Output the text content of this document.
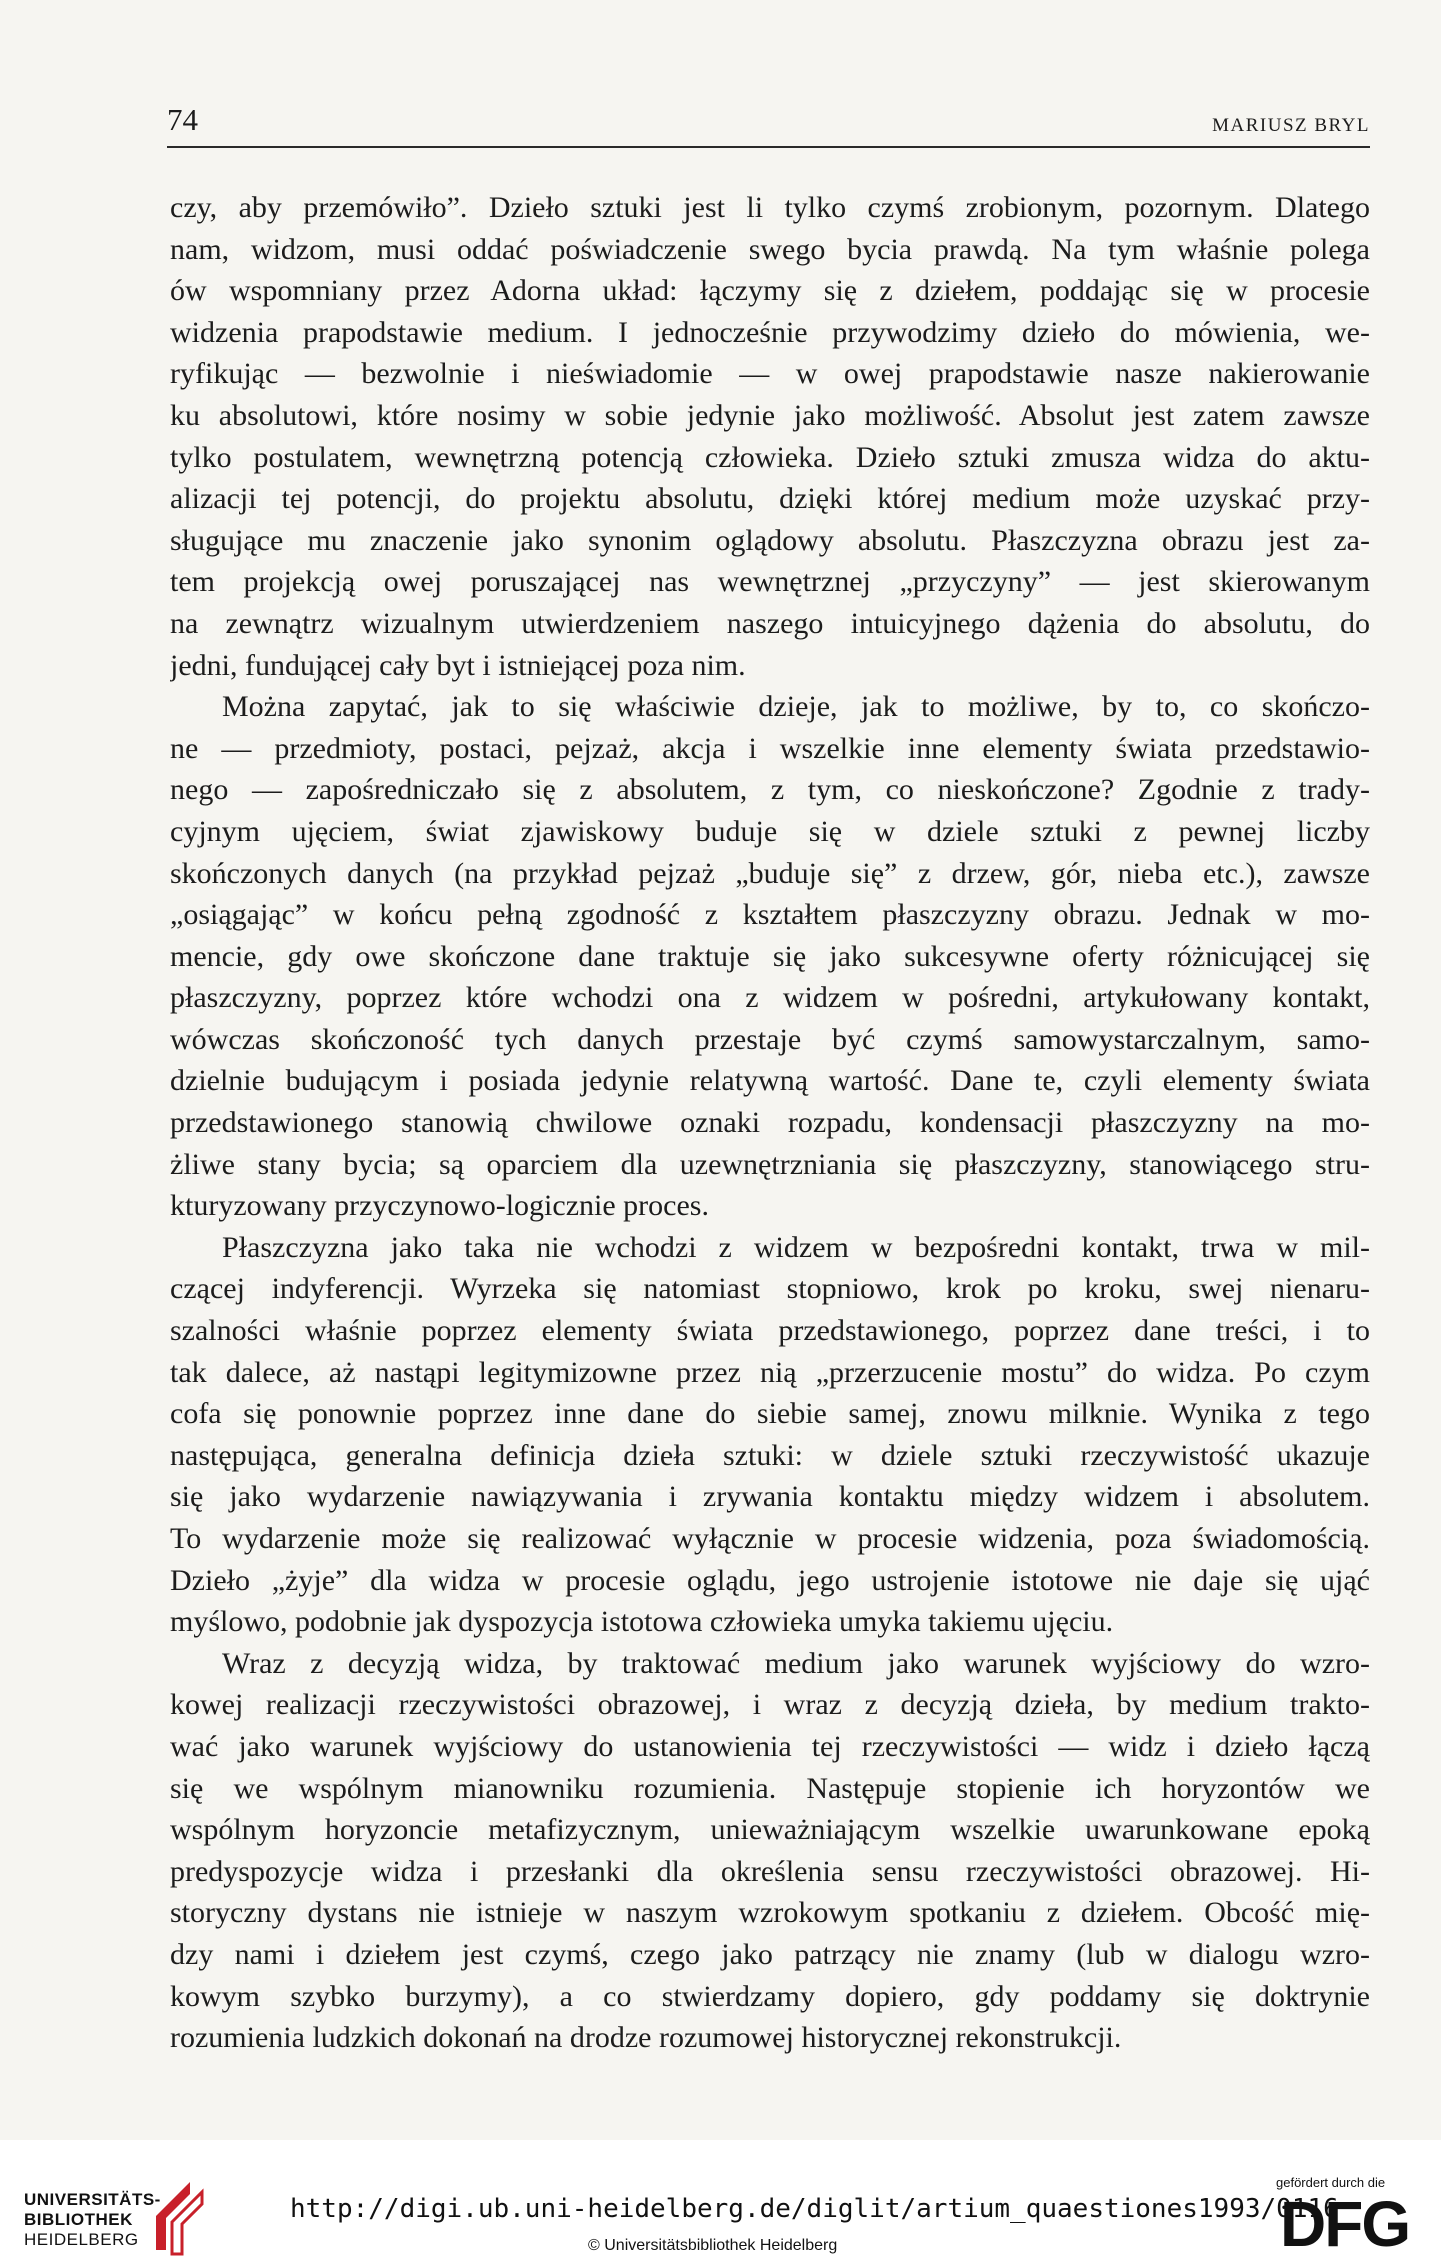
74	MARIUSZ BRYL
czy, aby przemówiło”. Dzieło sztuki jest li tylko czymś zrobionym, pozornym. Dlatego
nam, widzom, musi oddać poświadczenie swego bycia prawdą. Na tym właśnie polega
ów wspomniany przez Adorna układ: łączymy się z dziełem, poddając się w procesie
widzenia prapodstawie medium. I jednocześnie przywodzimy dzieło do mówienia, we-
ryfikując — bezwolnie i nieświadomie — w owej prapodstawie nasze nakierowanie
ku absolutowi, które nosimy w sobie jedynie jako możliwość. Absolut jest zatem zawsze
tylko postulatem, wewnętrzną potencją człowieka. Dzieło sztuki zmusza widza do aktu-
alizacji tej potencji, do projektu absolutu, dzięki której medium może uzyskać przy-
sługujące mu znaczenie jako synonim oglądowy absolutu. Płaszczyzna obrazu jest za-
tem projekcją owej poruszającej nas wewnętrznej „przyczyny” — jest skierowanym
na zewnątrz wizualnym utwierdzeniem naszego intuicyjnego dążenia do absolutu, do
jedni, fundującej cały byt i istniejącej poza nim.
Można zapytać, jak to się właściwie dzieje, jak to możliwe, by to, co skończo-
ne — przedmioty, postaci, pejzaż, akcja i wszelkie inne elementy świata przedstawio-
nego — zapośredniczało się z absolutem, z tym, co nieskończone? Zgodnie z trady-
cyjnym ujęciem, świat zjawiskowy buduje się w dziele sztuki z pewnej liczby
skończonych danych (na przykład pejzaż „buduje się” z drzew, gór, nieba etc.), zawsze
„osiągając” w końcu pełną zgodność z kształtem płaszczyzny obrazu. Jednak w mo-
mencie, gdy owe skończone dane traktuje się jako sukcesywne oferty różnicującej się
płaszczyzny, poprzez które wchodzi ona z widzem w pośredni, artykułowany kontakt,
wówczas skończoność tych danych przestaje być czymś samowystarczalnym, samo-
dzielnie budującym i posiada jedynie relatywną wartość. Dane te, czyli elementy świata
przedstawionego stanowią chwilowe oznaki rozpadu, kondensacji płaszczyzny na mo-
żliwe stany bycia; są oparciem dla uzewnętrzniania się płaszczyzny, stanowiącego stru-
kturyzowany przyczynowo-logicznie proces.
Płaszczyzna jako taka nie wchodzi z widzem w bezpośredni kontakt, trwa w mil-
czącej indyferencji. Wyrzeka się natomiast stopniowo, krok po kroku, swej nienaru-
szalności właśnie poprzez elementy świata przedstawionego, poprzez dane treści, i to
tak dalece, aż nastąpi legitymizowne przez nią „przerzucenie mostu” do widza. Po czym
cofa się ponownie poprzez inne dane do siebie samej, znowu milknie. Wynika z tego
następująca, generalna definicja dzieła sztuki: w dziele sztuki rzeczywistość ukazuje
się jako wydarzenie nawiązywania i zrywania kontaktu między widzem i absolutem.
To wydarzenie może się realizować wyłącznie w procesie widzenia, poza świadomością.
Dzieło „żyje” dla widza w procesie oglądu, jego ustrojenie istotowe nie daje się ująć
myślowo, podobnie jak dyspozycja istotowa człowieka umyka takiemu ujęciu.
Wraz z decyzją widza, by traktować medium jako warunek wyjściowy do wzro-
kowej realizacji rzeczywistości obrazowej, i wraz z decyzją dzieła, by medium trakto-
wać jako warunek wyjściowy do ustanowienia tej rzeczywistości — widz i dzieło łączą
się we wspólnym mianowniku rozumienia. Następuje stopienie ich horyzontów we
wspólnym horyzoncie metafizycznym, unieważniającym wszelkie uwarunkowane epoką
predyspozycje widza i przesłanki dla określenia sensu rzeczywistości obrazowej. Hi-
storyczny dystans nie istnieje w naszym wzrokowym spotkaniu z dziełem. Obcość mię-
dzy nami i dziełem jest czymś, czego jako patrzący nie znamy (lub w dialogu wzro-
kowym szybko burzymy), a co stwierdzamy dopiero, gdy poddamy się doktrynie
rozumienia ludzkich dokonań na drodze rozumowej historycznej rekonstrukcji.
UNIVERSITÄTS-
BIBLIOTHEK
HEIDELBERG
http://digi.ub.uni-heidelberg.de/diglit/artium_quaestiones1993/0116
© Universitätsbibliothek Heidelberg
gefördert durch die
DFG
